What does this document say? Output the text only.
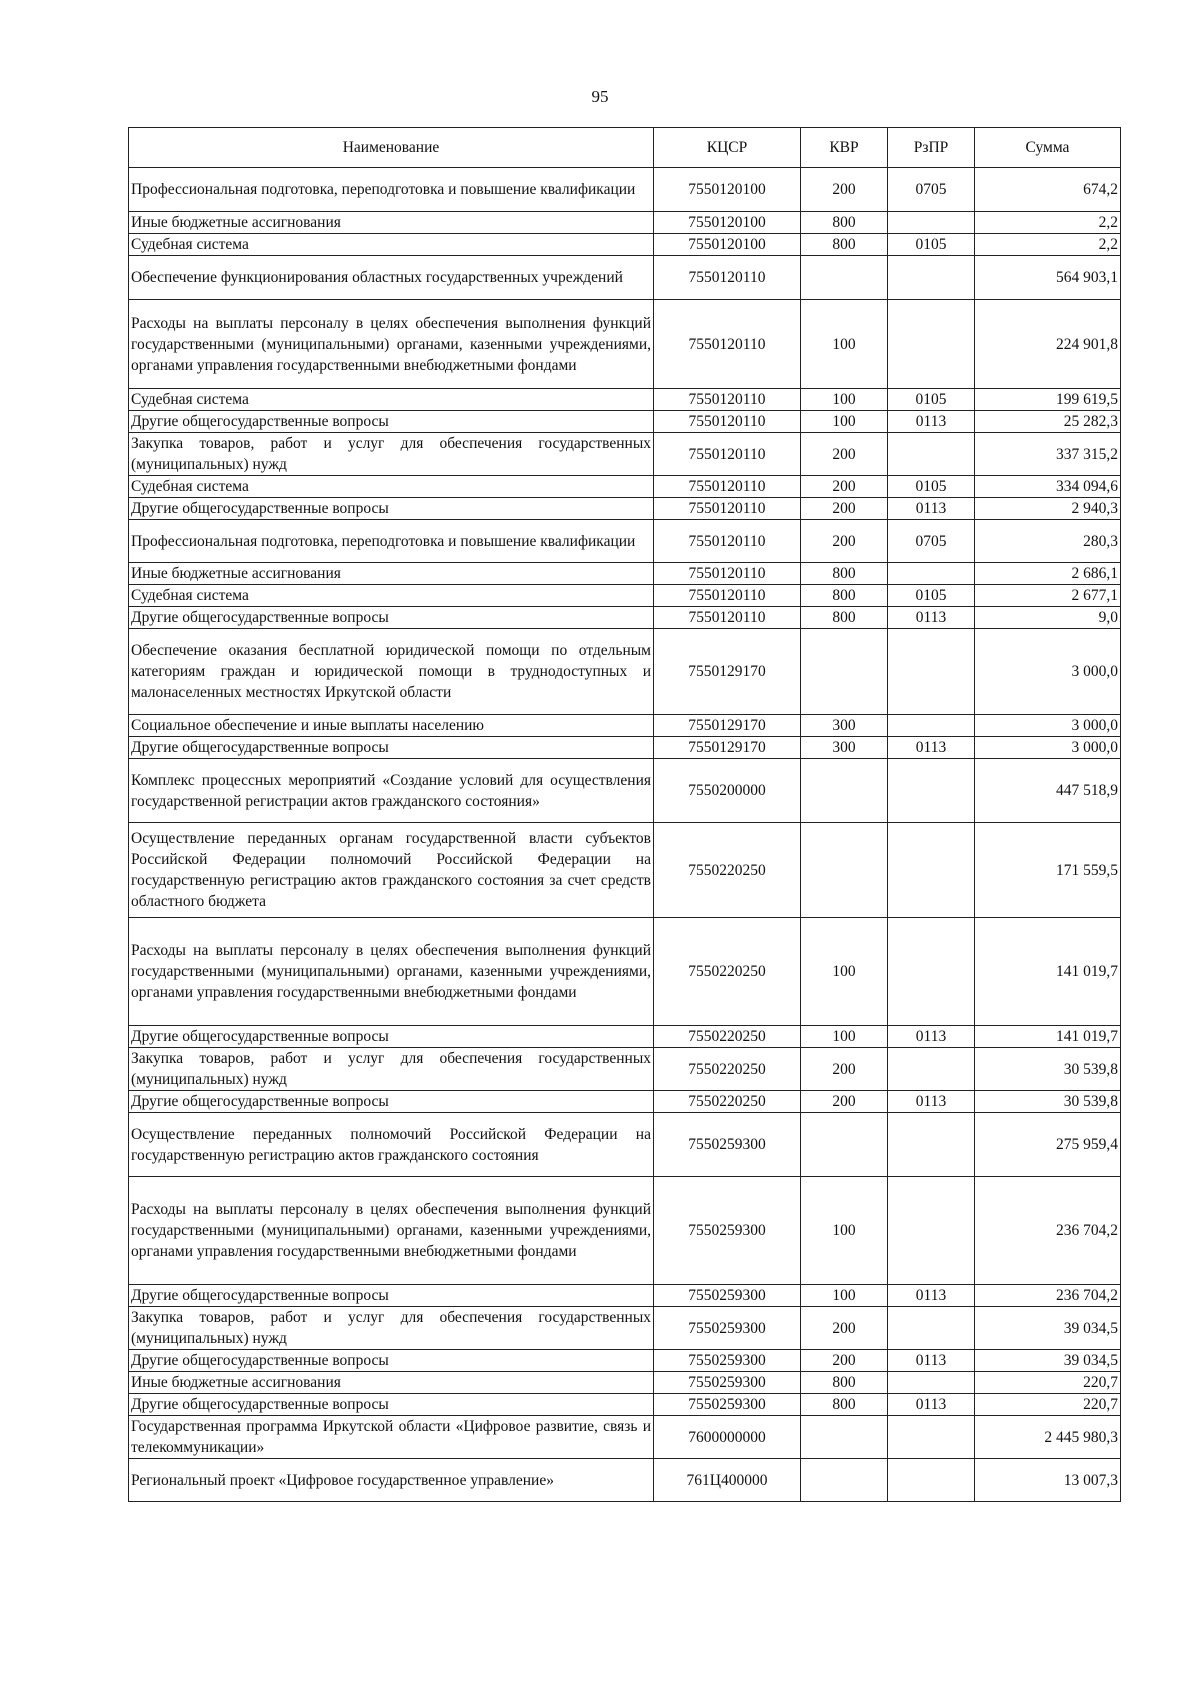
95
Наименование	КЦСР	КВР	РзПР	Сумма
Профессиональная подготовка, переподготовка и повышение квалификации	7550120100	200	0705	674,2
Иные бюджетные ассигнования	7550120100	800		2,2
Судебная система	7550120100	800	0105	2,2
Обеспечение функционирования областных государственных учреждений	7550120110			564 903,1
Расходы на выплаты персоналу в целях обеспечения выполнения функций государственными (муниципальными) органами, казенными учреждениями, органами управления государственными внебюджетными фондами	7550120110	100		224 901,8
Судебная система	7550120110	100	0105	199 619,5
Другие общегосударственные вопросы	7550120110	100	0113	25 282,3
Закупка товаров, работ и услуг для обеспечения государственных (муниципальных) нужд	7550120110	200		337 315,2
Судебная система	7550120110	200	0105	334 094,6
Другие общегосударственные вопросы	7550120110	200	0113	2 940,3
Профессиональная подготовка, переподготовка и повышение квалификации	7550120110	200	0705	280,3
Иные бюджетные ассигнования	7550120110	800		2 686,1
Судебная система	7550120110	800	0105	2 677,1
Другие общегосударственные вопросы	7550120110	800	0113	9,0
Обеспечение оказания бесплатной юридической помощи по отдельным категориям граждан и юридической помощи в труднодоступных и малонаселенных местностях Иркутской области	7550129170			3 000,0
Социальное обеспечение и иные выплаты населению	7550129170	300		3 000,0
Другие общегосударственные вопросы	7550129170	300	0113	3 000,0
Комплекс процессных мероприятий «Создание условий для осуществления государственной регистрации актов гражданского состояния»	7550200000			447 518,9
Осуществление переданных органам государственной власти субъектов Российской Федерации полномочий Российской Федерации на государственную регистрацию актов гражданского состояния за счет средств областного бюджета	7550220250			171 559,5
Расходы на выплаты персоналу в целях обеспечения выполнения функций государственными (муниципальными) органами, казенными учреждениями, органами управления государственными внебюджетными фондами	7550220250	100		141 019,7
Другие общегосударственные вопросы	7550220250	100	0113	141 019,7
Закупка товаров, работ и услуг для обеспечения государственных (муниципальных) нужд	7550220250	200		30 539,8
Другие общегосударственные вопросы	7550220250	200	0113	30 539,8
Осуществление переданных полномочий Российской Федерации на государственную регистрацию актов гражданского состояния	7550259300			275 959,4
Расходы на выплаты персоналу в целях обеспечения выполнения функций государственными (муниципальными) органами, казенными учреждениями, органами управления государственными внебюджетными фондами	7550259300	100		236 704,2
Другие общегосударственные вопросы	7550259300	100	0113	236 704,2
Закупка товаров, работ и услуг для обеспечения государственных (муниципальных) нужд	7550259300	200		39 034,5
Другие общегосударственные вопросы	7550259300	200	0113	39 034,5
Иные бюджетные ассигнования	7550259300	800		220,7
Другие общегосударственные вопросы	7550259300	800	0113	220,7
Государственная программа Иркутской области «Цифровое развитие, связь и телекоммуникации»	7600000000			2 445 980,3
Региональный проект «Цифровое государственное управление»	761Ц400000			13 007,3
